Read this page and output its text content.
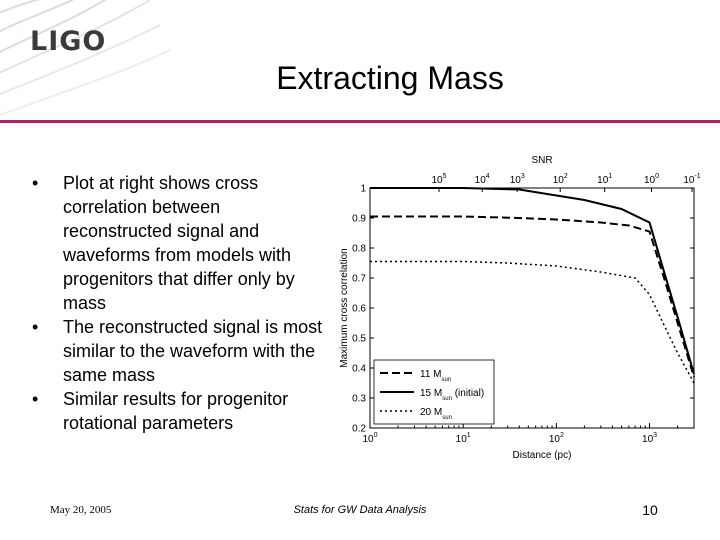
LIGO
Extracting Mass
• Plot at right shows cross correlation between reconstructed signal and waveforms from models with progenitors that differ only by mass
• The reconstructed signal is most similar to the waveform with the same mass
• Similar results for progenitor rotational parameters	0.2
0.3
0.4
0.5
0.6
0.7
0.8
0.9
1
$10^0$	$10^1$	$10^2$	$10^3$
$10^5$	$10^4$ $10^3$	$10^2$	$10^1$	$10^0$ $10^{-1}$
Distance (pc)
SNR
Maximum cross correlation
11 $M_{sun}$
15 $M_{sun}$ (initial)
20 $M_{sun}$
May 20, 2005	Stats for GW Data Analysis	10
